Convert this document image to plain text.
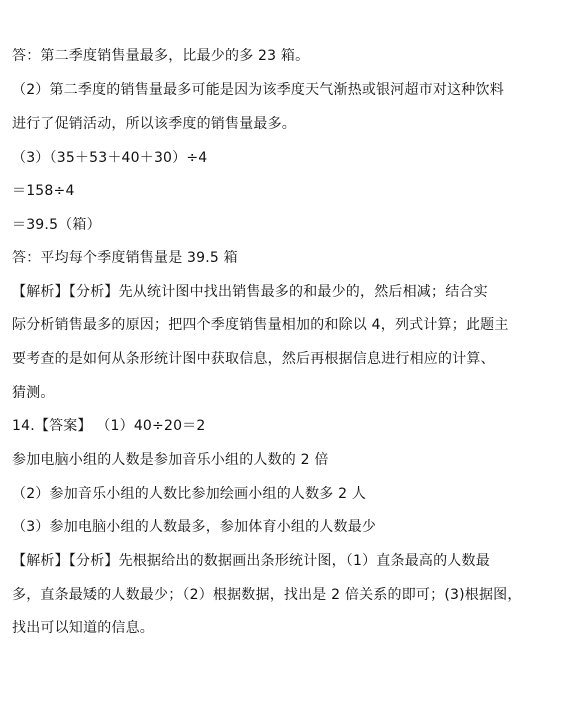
答：第二季度销售量最多，比最少的多 23 箱。
（2）第二季度的销售量最多可能是因为该季度天气渐热或银河超市对这种饮料
进行了促销活动，所以该季度的销售量最多。
（3）（35＋53＋40＋30）÷4
＝158÷4
＝39.5（箱）
答：平均每个季度销售量是 39.5 箱
【解析】【分析】先从统计图中找出销售最多的和最少的，然后相减；结合实
际分析销售最多的原因；把四个季度销售量相加的和除以 4，列式计算；此题主
要考查的是如何从条形统计图中获取信息，然后再根据信息进行相应的计算、
猜测。
14.【答案】 （1）40÷20＝2
参加电脑小组的人数是参加音乐小组的人数的 2 倍
（2）参加音乐小组的人数比参加绘画小组的人数多 2 人
（3）参加电脑小组的人数最多，参加体育小组的人数最少
【解析】【分析】先根据给出的数据画出条形统计图，（1）直条最高的人数最
多，直条最矮的人数最少；（2）根据数据，找出是 2 倍关系的即可；(3)根据图，
找出可以知道的信息。
